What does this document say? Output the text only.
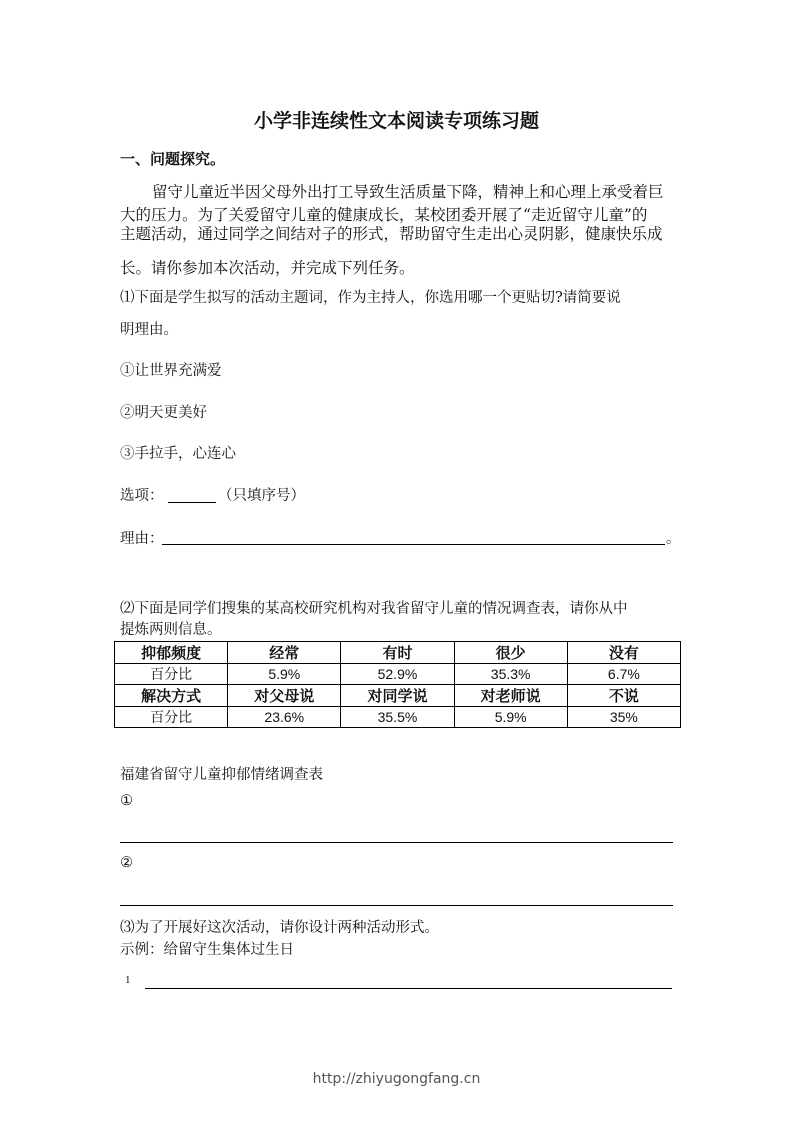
小学非连续性文本阅读专项练习题
一、问题探究。
留守儿童近半因父母外出打工导致生活质量下降，精神上和心理上承受着巨
大的压力。为了关爱留守儿童的健康成长，某校团委开展了“走近留守儿童”的
主题活动，通过同学之间结对子的形式，帮助留守生走出心灵阴影，健康快乐成
长。请你参加本次活动，并完成下列任务。
⑴下面是学生拟写的活动主题词，作为主持人，你选用哪一个更贴切?请简要说
明理由。
①让世界充满爱
②明天更美好
③手拉手，心连心
选项：	（只填序号）
理由：	。
⑵下面是同学们搜集的某高校研究机构对我省留守儿童的情况调查表，请你从中
提炼两则信息。
抑郁频度	经常	有时	很少	没有
百分比	5.9%	52.9%	35.3%	6.7%
解决方式	对父母说	对同学说	对老师说	不说
百分比	23.6%	35.5%	5.9%	35%
福建省留守儿童抑郁情绪调查表
①
②
⑶为了开展好这次活动，请你设计两种活动形式。
示例：给留守生集体过生日
1
http://zhiyugongfang.cn
